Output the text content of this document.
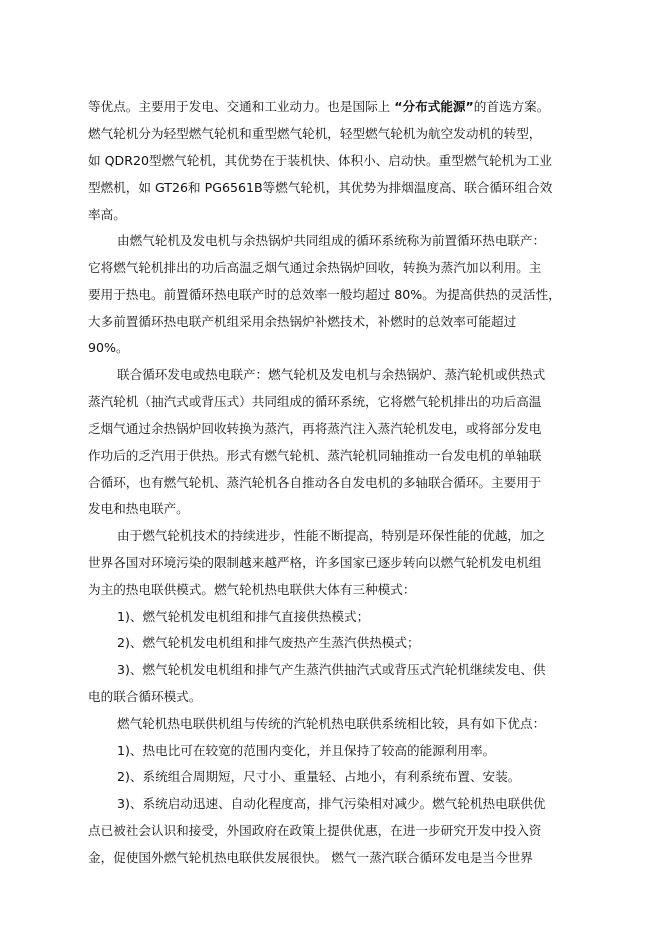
等优点。主要用于发电、交通和工业动力。也是国际上 “分布式能源”的首选方案。
燃气轮机分为轻型燃气轮机和重型燃气轮机，轻型燃气轮机为航空发动机的转型，
如 QDR20型燃气轮机，其优势在于装机快、体积小、启动快。重型燃气轮机为工业
型燃机，如 GT26和 PG6561B等燃气轮机，其优势为排烟温度高、联合循环组合效
率高。
由燃气轮机及发电机与余热锅炉共同组成的循环系统称为前置循环热电联产：
它将燃气轮机排出的功后高温乏烟气通过余热锅炉回收，转换为蒸汽加以利用。主
要用于热电。前置循环热电联产时的总效率一般均超过 80%。为提高供热的灵活性，
大多前置循环热电联产机组采用余热锅炉补燃技术，补燃时的总效率可能超过
90%。
联合循环发电或热电联产：燃气轮机及发电机与余热锅炉、蒸汽轮机或供热式
蒸汽轮机（抽汽式或背压式）共同组成的循环系统，它将燃气轮机排出的功后高温
乏烟气通过余热锅炉回收转换为蒸汽，再将蒸汽注入蒸汽轮机发电，或将部分发电
作功后的乏汽用于供热。形式有燃气轮机、蒸汽轮机同轴推动一台发电机的单轴联
合循环，也有燃气轮机、蒸汽轮机各自推动各自发电机的多轴联合循环。主要用于
发电和热电联产。
由于燃气轮机技术的持续进步，性能不断提高，特别是环保性能的优越，加之
世界各国对环境污染的限制越来越严格，许多国家已逐步转向以燃气轮机发电机组
为主的热电联供模式。燃气轮机热电联供大体有三种模式：
1)、燃气轮机发电机组和排气直接供热模式；
2)、燃气轮机发电机组和排气废热产生蒸汽供热模式；
3)、燃气轮机发电机组和排气产生蒸汽供抽汽式或背压式汽轮机继续发电、供
电的联合循环模式。
燃气轮机热电联供机组与传统的汽轮机热电联供系统相比较，具有如下优点：
1)、热电比可在较宽的范围内变化，并且保持了较高的能源利用率。
2)、系统组合周期短，尺寸小、重量轻、占地小，有利系统布置、安装。
3)、系统启动迅速、自动化程度高，排气污染相对减少。燃气轮机热电联供优
点已被社会认识和接受，外国政府在政策上提供优惠，在进一步研究开发中投入资
金，促使国外燃气轮机热电联供发展很快。 燃气一蒸汽联合循环发电是当今世界
